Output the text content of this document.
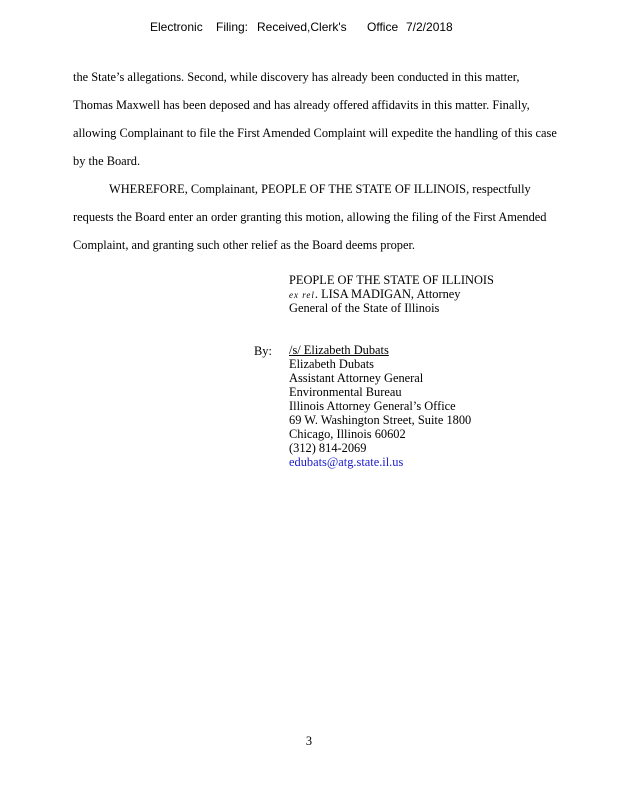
Electronic Filing: Received,Clerk's Office 7/2/2018
the State’s allegations. Second, while discovery has already been conducted in this matter,
Thomas Maxwell has been deposed and has already offered affidavits in this matter. Finally,
allowing Complainant to file the First Amended Complaint will expedite the handling of this case
by the Board.
WHEREFORE, Complainant, PEOPLE OF THE STATE OF ILLINOIS, respectfully
requests the Board enter an order granting this motion, allowing the filing of the First Amended
Complaint, and granting such other relief as the Board deems proper.
PEOPLE OF THE STATE OF ILLINOIS
ex rel. LISA MADIGAN, Attorney
General of the State of Illinois
By: /s/ Elizabeth Dubats
Elizabeth Dubats
Assistant Attorney General
Environmental Bureau
Illinois Attorney General’s Office
69 W. Washington Street, Suite 1800
Chicago, Illinois 60602
(312) 814-2069
edubats@atg.state.il.us
3
